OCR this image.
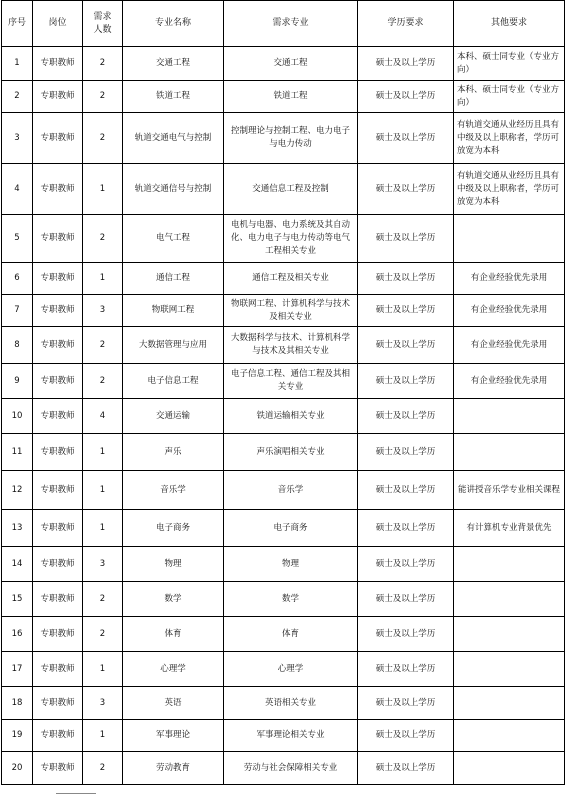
序号	岗位	需求人数	专业名称	需求专业	学历要求	其他要求
1	专职教师	2	交通工程	交通工程	硕士及以上学历	本科、硕士同专业（专业方向）
2	专职教师	2	铁道工程	铁道工程	硕士及以上学历	本科、硕士同专业（专业方向）
3	专职教师	2	轨道交通电气与控制	控制理论与控制工程、电力电子与电力传动	硕士及以上学历	有轨道交通从业经历且具有中级及以上职称者，学历可放宽为本科
4	专职教师	1	轨道交通信号与控制	交通信息工程及控制	硕士及以上学历	有轨道交通从业经历且具有中级及以上职称者，学历可放宽为本科
5	专职教师	2	电气工程	电机与电器、电力系统及其自动化、电力电子与电力传动等电气工程相关专业	硕士及以上学历	
6	专职教师	1	通信工程	通信工程及相关专业	硕士及以上学历	有企业经验优先录用
7	专职教师	3	物联网工程	物联网工程、计算机科学与技术及相关专业	硕士及以上学历	有企业经验优先录用
8	专职教师	2	大数据管理与应用	大数据科学与技术、计算机科学与技术及其相关专业	硕士及以上学历	有企业经验优先录用
9	专职教师	2	电子信息工程	电子信息工程、通信工程及其相关专业	硕士及以上学历	有企业经验优先录用
10	专职教师	4	交通运输	铁道运输相关专业	硕士及以上学历	
11	专职教师	1	声乐	声乐演唱相关专业	硕士及以上学历	
12	专职教师	1	音乐学	音乐学	硕士及以上学历	能讲授音乐学专业相关课程
13	专职教师	1	电子商务	电子商务	硕士及以上学历	有计算机专业背景优先
14	专职教师	3	物理	物理	硕士及以上学历	
15	专职教师	2	数学	数学	硕士及以上学历	
16	专职教师	2	体育	体育	硕士及以上学历	
17	专职教师	1	心理学	心理学	硕士及以上学历	
18	专职教师	3	英语	英语相关专业	硕士及以上学历	
19	专职教师	1	军事理论	军事理论相关专业	硕士及以上学历	
20	专职教师	2	劳动教育	劳动与社会保障相关专业	硕士及以上学历	
